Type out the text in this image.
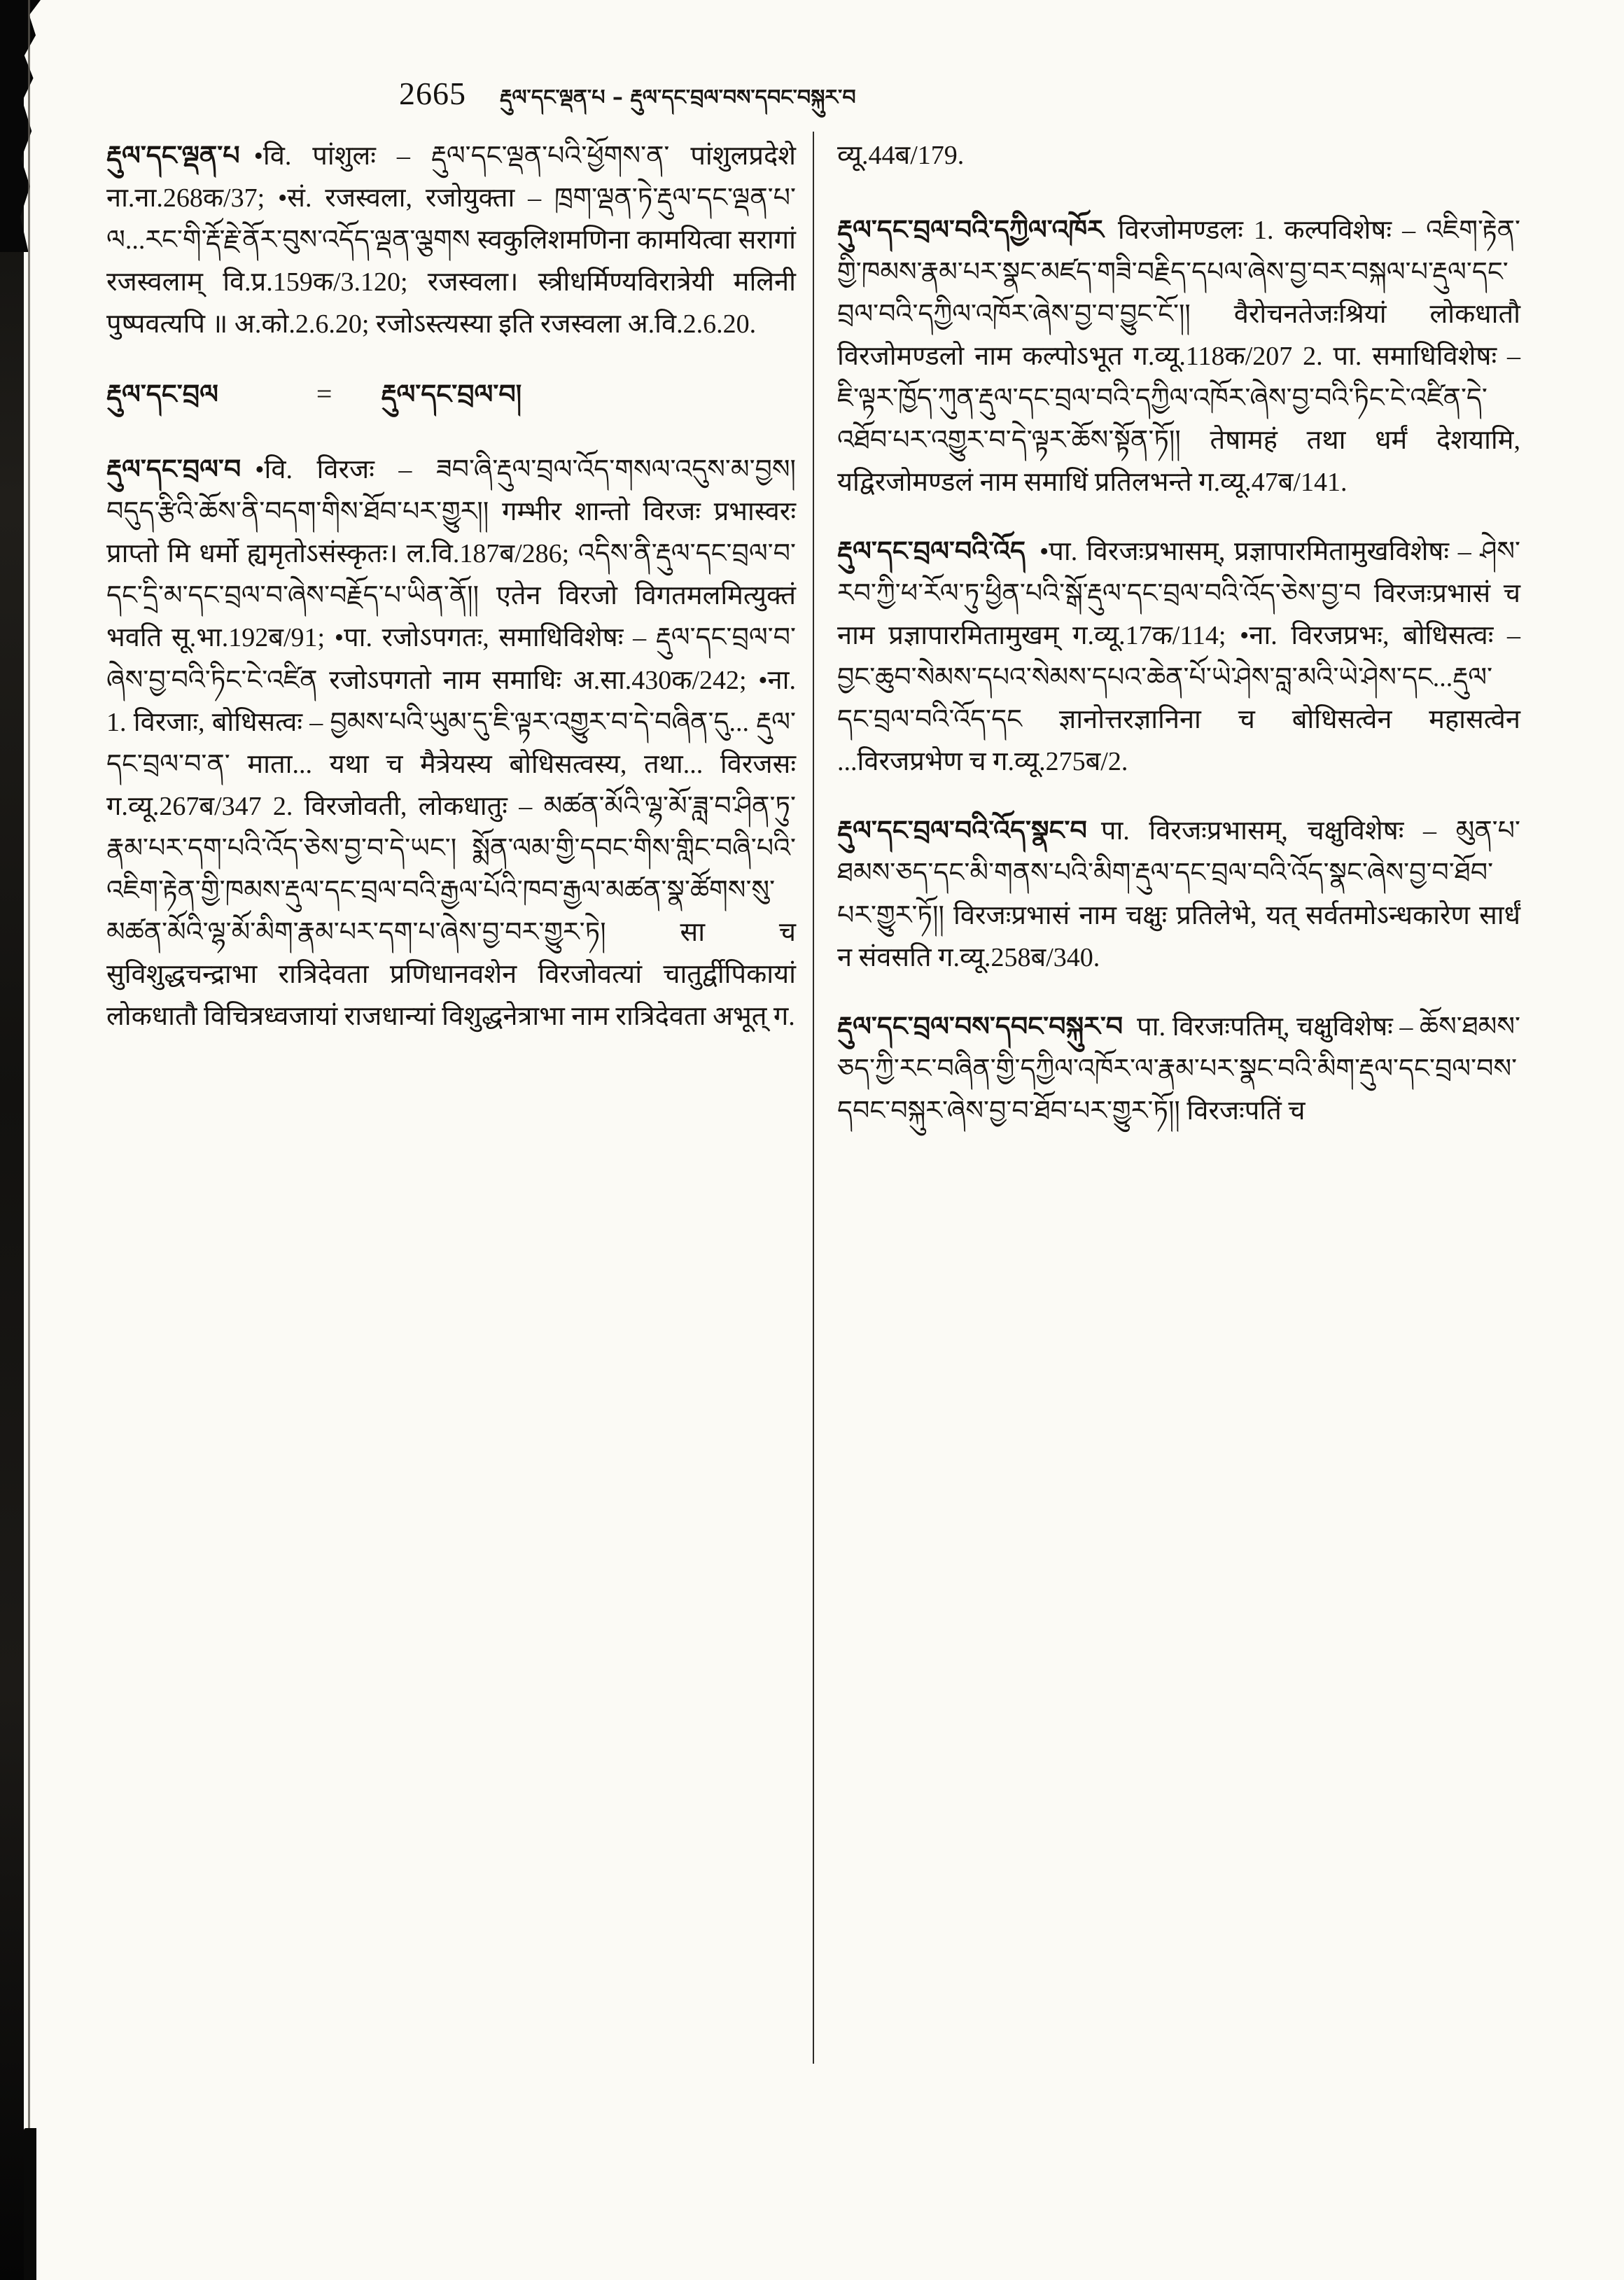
2665 རྡུལ་དང་ལྡན་པ – རྡུལ་དང་བྲལ་བས་དབང་བསྐུར་བ

རྡུལ་དང་ལྡན་པ •वि. पांशुलः – རྡུལ་དང་ལྡན་པའི་ཕྱོགས་ན་ पांशुलप्रदेशे ना.ना.268क/37; •सं. रजस्वला, रजोयुक्ता – ཁྲག་ལྡན་ཏེ་རྡུལ་དང་ལྡན་པ་ལ...རང་གི་རྡོ་རྗེ་ནོར་བུས་འདོད་ལྡན་ལྕགས स्वकुलिशमणिना कामयित्वा सरागां रजस्वलाम् वि.प्र.159क/3.120; रजस्वला। स्त्रीधर्मिण्यविरात्रेयी मलिनी पुष्पवत्यपि ॥ अ.को.2.6.20; रजोऽस्त्यस्या इति रजस्वला अ.वि.2.6.20.

རྡུལ་དང་བྲལ	= རྡུལ་དང་བྲལ་བ།

རྡུལ་དང་བྲལ་བ •वि. विरजः – ཟབ་ཞི་རྡུལ་བྲལ་འོད་གསལ་འདུས་མ་བྱས། བདུད་རྩིའི་ཆོས་ནི་བདག་གིས་ཐོབ་པར་གྱུར།། गम्भीर शान्तो विरजः प्रभास्वरः प्राप्तो मि धर्मो ह्यमृतोऽसंस्कृतः। ल.वि.187ब/286; འདིས་ནི་རྡུལ་དང་བྲལ་བ་དང་དྲི་མ་དང་བྲལ་བ་ཞེས་བརྗོད་པ་ཡིན་ནོ།། एतेन विरजो विगतमलमित्युक्तं भवति सू.भा.192ब/91; •पा. रजोऽपगतः, समाधिविशेषः – རྡུལ་དང་བྲལ་བ་ཞེས་བྱ་བའི་ཏིང་ངེ་འཛིན रजोऽपगतो नाम समाधिः अ.सा.430क/242; •ना. 1. विरजाः, बोधिसत्वः – བྱམས་པའི་ཡུམ་དུ་ཇི་ལྟར་འགྱུར་བ་དེ་བཞིན་དུ... རྡུལ་དང་བྲལ་བ་ན་ माता... यथा च मैत्रेयस्य बोधिसत्वस्य, तथा... विरजसः ग.व्यू.267ब/347 2. विरजोवती, लोकधातुः – མཚན་མོའི་ལྷ་མོ་ཟླ་བ་ཤིན་ཏུ་རྣམ་པར་དག་པའི་འོད་ཅེས་བྱ་བ་དེ་ཡང་། སྨོན་ལམ་གྱི་དབང་གིས་གླིང་བཞི་པའི་འཇིག་རྟེན་གྱི་ཁམས་རྡུལ་དང་བྲལ་བའི་རྒྱལ་པོའི་ཁབ་རྒྱལ་མཚན་སྣ་ཚོགས་སུ་མཚན་མོའི་ལྷ་མོ་མིག་རྣམ་པར་དག་པ་ཞེས་བྱ་བར་གྱུར་ཏེ། सा च सुविशुद्धचन्द्राभा रात्रिदेवता प्रणिधानवशेन विरजोवत्यां चातुर्द्वीपिकायां लोकधातौ विचित्रध्वजायां राजधान्यां विशुद्धनेत्राभा नाम रात्रिदेवता अभूत् ग.

व्यू.44ब/179.

རྡུལ་དང་བྲལ་བའི་དཀྱིལ་འཁོར विरजोमण्डलः 1. कल्पविशेषः – འཇིག་རྟེན་གྱི་ཁམས་རྣམ་པར་སྣང་མཛད་གཟི་བརྗིད་དཔལ་ཞེས་བྱ་བར་བསྐལ་པ་རྡུལ་དང་བྲལ་བའི་དཀྱིལ་འཁོར་ཞེས་བྱ་བ་བྱུང་ངོ་།། वैरोचनतेजःश्रियां लोकधातौ विरजोमण्डलो नाम कल्पोऽभूत ग.व्यू.118क/207 2. पा. समाधिविशेषः – ཇི་ལྟར་ཁྱོད་ཀུན་རྡུལ་དང་བྲལ་བའི་དཀྱིལ་འཁོར་ཞེས་བྱ་བའི་ཏིང་ངེ་འཛིན་དེ་འཐོབ་པར་འགྱུར་བ་དེ་ལྟར་ཆོས་སྟོན་ཏོ།། तेषामहं तथा धर्मं देशयामि, यद्विरजोमण्डलं नाम समाधिं प्रतिलभन्ते ग.व्यू.47ब/141.

རྡུལ་དང་བྲལ་བའི་འོད •पा. विरजःप्रभासम्, प्रज्ञापारमितामुखविशेषः – ཤེས་རབ་ཀྱི་ཕ་རོལ་ཏུ་ཕྱིན་པའི་སྒོ་རྡུལ་དང་བྲལ་བའི་འོད་ཅེས་བྱ་བ विरजःप्रभासं च नाम प्रज्ञापारमितामुखम् ग.व्यू.17क/114; •ना. विरजप्रभः, बोधिसत्वः – བྱང་ཆུབ་སེམས་དཔའ་སེམས་དཔའ་ཆེན་པོ་ཡེ་ཤེས་བླ་མའི་ཡེ་ཤེས་དང...རྡུལ་དང་བྲལ་བའི་འོད་དང ज्ञानोत्तरज्ञानिना च बोधिसत्वेन महासत्वेन ...विरजप्रभेण च ग.व्यू.275ब/2.

རྡུལ་དང་བྲལ་བའི་འོད་སྣང་བ पा. विरजःप्रभासम्, चक्षुविशेषः – མུན་པ་ཐམས་ཅད་དང་མི་གནས་པའི་མིག་རྡུལ་དང་བྲལ་བའི་འོད་སྣང་ཞེས་བྱ་བ་ཐོབ་པར་གྱུར་ཏོ།། विरजःप्रभासं नाम चक्षुः प्रतिलेभे, यत् सर्वतमोऽन्धकारेण सार्धं न संवसति ग.व्यू.258ब/340.

རྡུལ་དང་བྲལ་བས་དབང་བསྐུར་བ पा. विरजःपतिम्, चक्षुविशेषः – ཆོས་ཐམས་ཅད་ཀྱི་རང་བཞིན་གྱི་དཀྱིལ་འཁོར་ལ་རྣམ་པར་སྣང་བའི་མིག་རྡུལ་དང་བྲལ་བས་དབང་བསྐུར་ཞེས་བྱ་བ་ཐོབ་པར་གྱུར་ཏོ།། विरजःपतिं च
